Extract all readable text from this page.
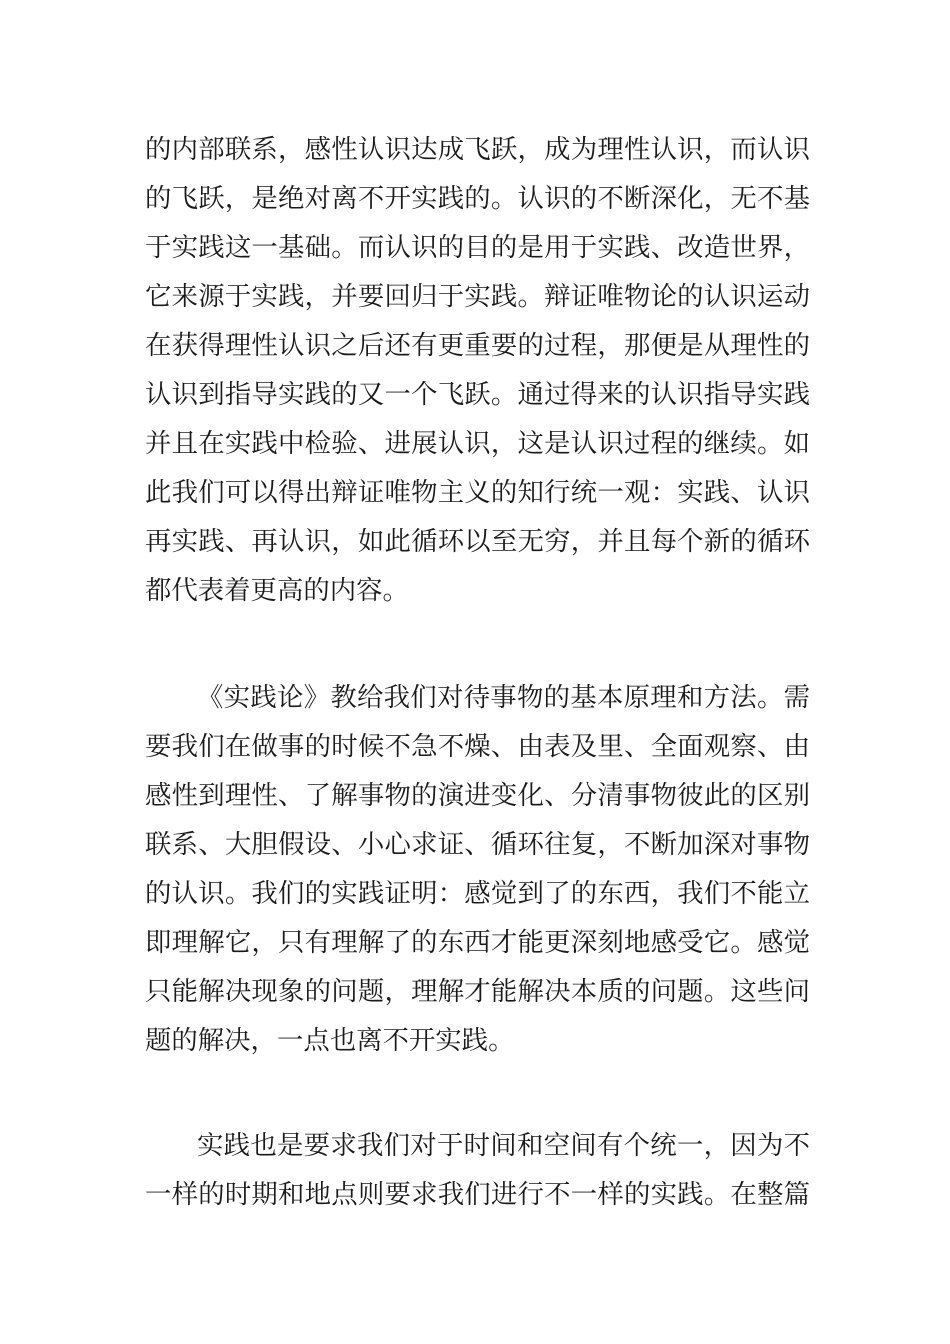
的内部联系，感性认识达成飞跃，成为理性认识，而认识
的飞跃，是绝对离不开实践的。认识的不断深化，无不基
于实践这一基础。而认识的目的是用于实践、改造世界，
它来源于实践，并要回归于实践。辩证唯物论的认识运动
在获得理性认识之后还有更重要的过程，那便是从理性的
认识到指导实践的又一个飞跃。通过得来的认识指导实践
并且在实践中检验、进展认识，这是认识过程的继续。如
此我们可以得出辩证唯物主义的知行统一观：实践、认识
再实践、再认识，如此循环以至无穷，并且每个新的循环
都代表着更高的内容。
《实践论》教给我们对待事物的基本原理和方法。需
要我们在做事的时候不急不燥、由表及里、全面观察、由
感性到理性、了解事物的演进变化、分清事物彼此的区别
联系、大胆假设、小心求证、循环往复，不断加深对事物
的认识。我们的实践证明：感觉到了的东西，我们不能立
即理解它，只有理解了的东西才能更深刻地感受它。感觉
只能解决现象的问题，理解才能解决本质的问题。这些问
题的解决，一点也离不开实践。
实践也是要求我们对于时间和空间有个统一，因为不
一样的时期和地点则要求我们进行不一样的实践。在整篇
